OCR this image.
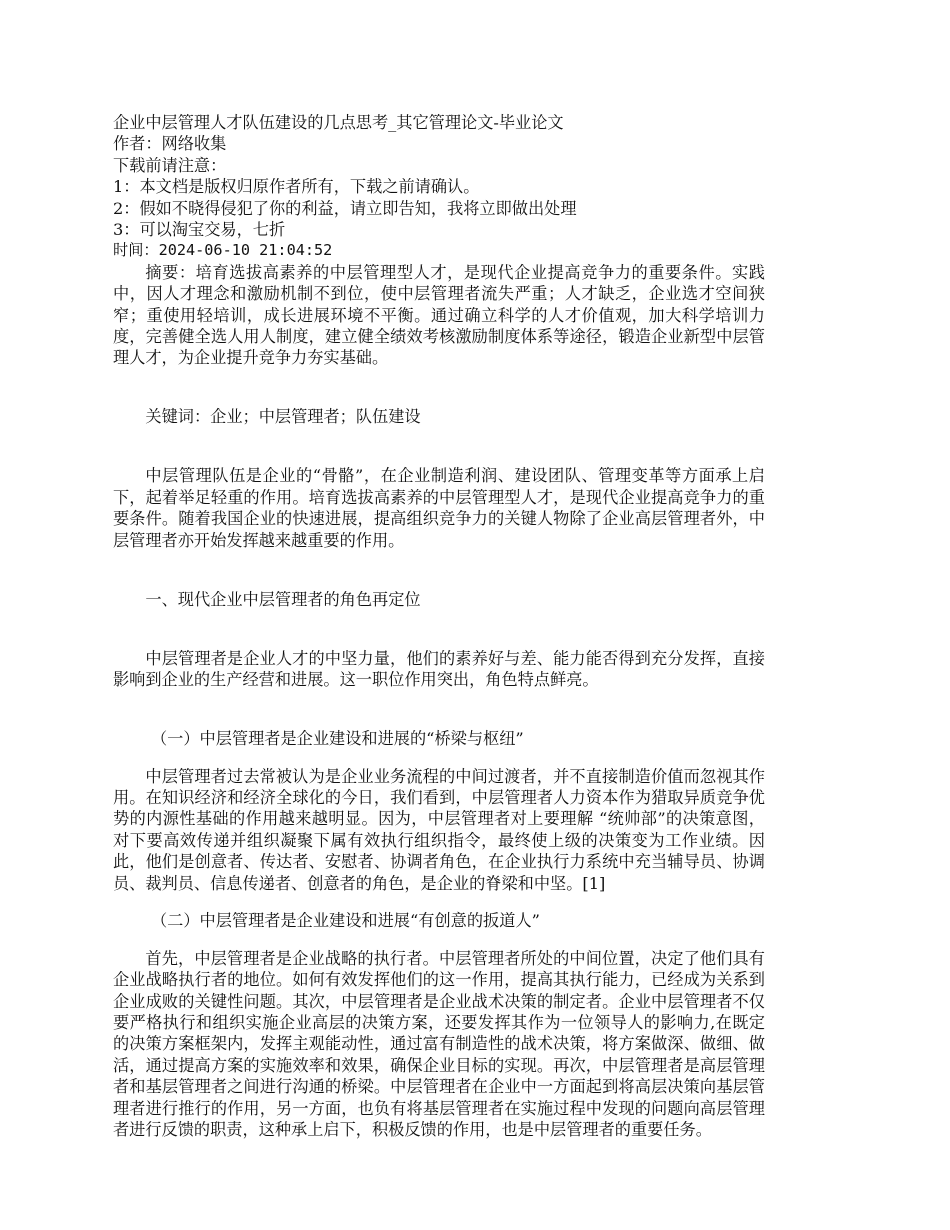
企业中层管理人才队伍建设的几点思考_其它管理论文-毕业论文

作者：网络收集

下载前请注意：

1：本文档是版权归原作者所有，下载之前请确认。

2：假如不晓得侵犯了你的利益，请立即告知，我将立即做出处理

3：可以淘宝交易，七折

时间：2024-06-10 21:04:52

摘要：培育选拔高素养的中层管理型人才，是现代企业提高竞争力的重要条件。实践中，因人才理念和激励机制不到位，使中层管理者流失严重；人才缺乏，企业选才空间狭窄；重使用轻培训，成长进展环境不平衡。通过确立科学的人才价值观，加大科学培训力度，完善健全选人用人制度，建立健全绩效考核激励制度体系等途径，锻造企业新型中层管理人才，为企业提升竞争力夯实基础。

关键词：企业；中层管理者；队伍建设

中层管理队伍是企业的“骨骼”，在企业制造利润、建设团队、管理变革等方面承上启下，起着举足轻重的作用。培育选拔高素养的中层管理型人才，是现代企业提高竞争力的重要条件。随着我国企业的快速进展，提高组织竞争力的关键人物除了企业高层管理者外，中层管理者亦开始发挥越来越重要的作用。

一、现代企业中层管理者的角色再定位

中层管理者是企业人才的中坚力量，他们的素养好与差、能力能否得到充分发挥，直接影响到企业的生产经营和进展。这一职位作用突出，角色特点鲜亮。

（一）中层管理者是企业建设和进展的“桥梁与枢纽”

中层管理者过去常被认为是企业业务流程的中间过渡者，并不直接制造价值而忽视其作用。在知识经济和经济全球化的今日，我们看到，中层管理者人力资本作为猎取异质竞争优势的内源性基础的作用越来越明显。因为，中层管理者对上要理解 “统帅部”的决策意图，对下要高效传递并组织凝聚下属有效执行组织指令，最终使上级的决策变为工作业绩。因此，他们是创意者、传达者、安慰者、协调者角色，在企业执行力系统中充当辅导员、协调员、裁判员、信息传递者、创意者的角色，是企业的脊梁和中坚。[1]

（二）中层管理者是企业建设和进展“有创意的扳道人”

首先，中层管理者是企业战略的执行者。中层管理者所处的中间位置，决定了他们具有企业战略执行者的地位。如何有效发挥他们的这一作用，提高其执行能力，已经成为关系到企业成败的关键性问题。其次，中层管理者是企业战术决策的制定者。企业中层管理者不仅要严格执行和组织实施企业高层的决策方案，还要发挥其作为一位领导人的影响力,在既定的决策方案框架内，发挥主观能动性，通过富有制造性的战术决策，将方案做深、做细、做活，通过提高方案的实施效率和效果，确保企业目标的实现。再次，中层管理者是高层管理者和基层管理者之间进行沟通的桥梁。中层管理者在企业中一方面起到将高层决策向基层管理者进行推行的作用，另一方面，也负有将基层管理者在实施过程中发现的问题向高层管理者进行反馈的职责，这种承上启下，积极反馈的作用，也是中层管理者的重要任务。
